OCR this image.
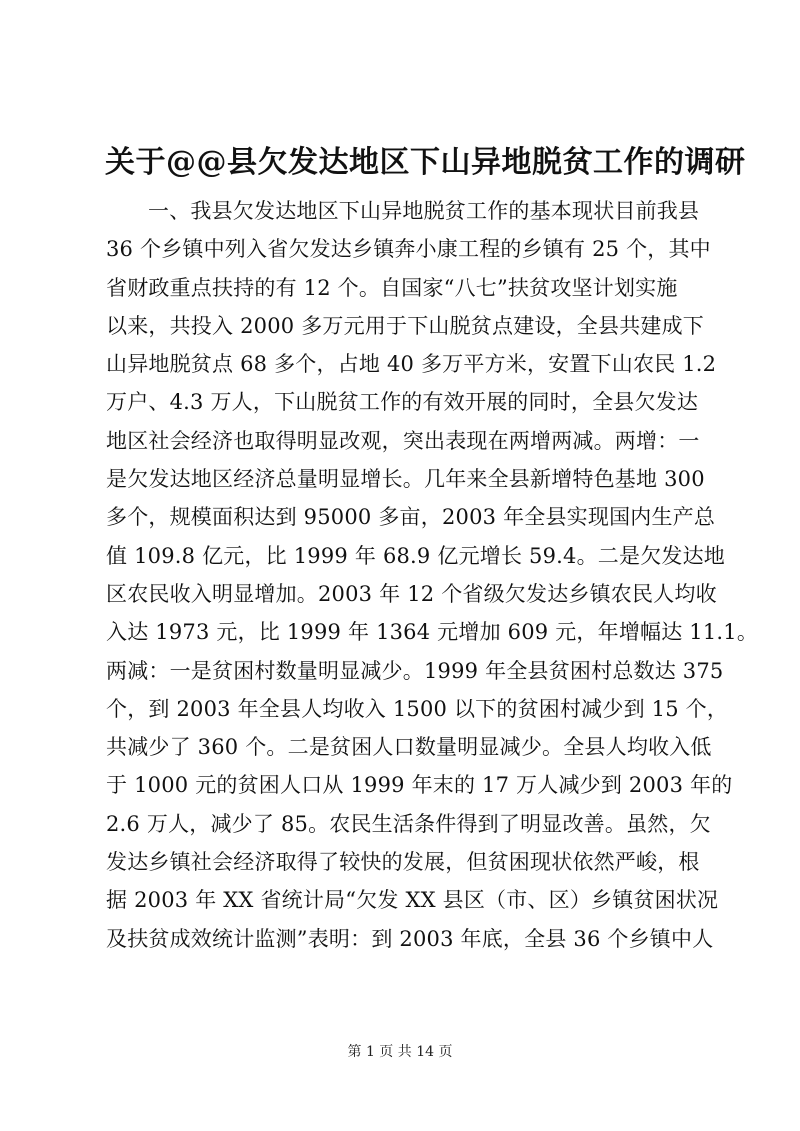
关于@@县欠发达地区下山异地脱贫工作的调研
一、我县欠发达地区下山异地脱贫工作的基本现状目前我县
36 个乡镇中列入省欠发达乡镇奔小康工程的乡镇有 25 个，其中
省财政重点扶持的有 12 个。自国家“八七”扶贫攻坚计划实施
以来，共投入 2000 多万元用于下山脱贫点建设，全县共建成下
山异地脱贫点 68 多个，占地 40 多万平方米，安置下山农民 1.2
万户、4.3 万人，下山脱贫工作的有效开展的同时，全县欠发达
地区社会经济也取得明显改观，突出表现在两增两减。两增：一
是欠发达地区经济总量明显增长。几年来全县新增特色基地 300
多个，规模面积达到 95000 多亩，2003 年全县实现国内生产总
值 109.8 亿元，比 1999 年 68.9 亿元增长 59.4。二是欠发达地
区农民收入明显增加。2003 年 12 个省级欠发达乡镇农民人均收
入达 1973 元，比 1999 年 1364 元增加 609 元，年增幅达 11.1。
两减：一是贫困村数量明显减少。1999 年全县贫困村总数达 375
个，到 2003 年全县人均收入 1500 以下的贫困村减少到 15 个，
共减少了 360 个。二是贫困人口数量明显减少。全县人均收入低
于 1000 元的贫困人口从 1999 年末的 17 万人减少到 2003 年的
2.6 万人，减少了 85。农民生活条件得到了明显改善。虽然，欠
发达乡镇社会经济取得了较快的发展，但贫困现状依然严峻，根
据 2003 年 XX 省统计局“欠发 XX 县区（市、区）乡镇贫困状况
及扶贫成效统计监测”表明：到 2003 年底，全县 36 个乡镇中人
第 1 页 共 14 页
